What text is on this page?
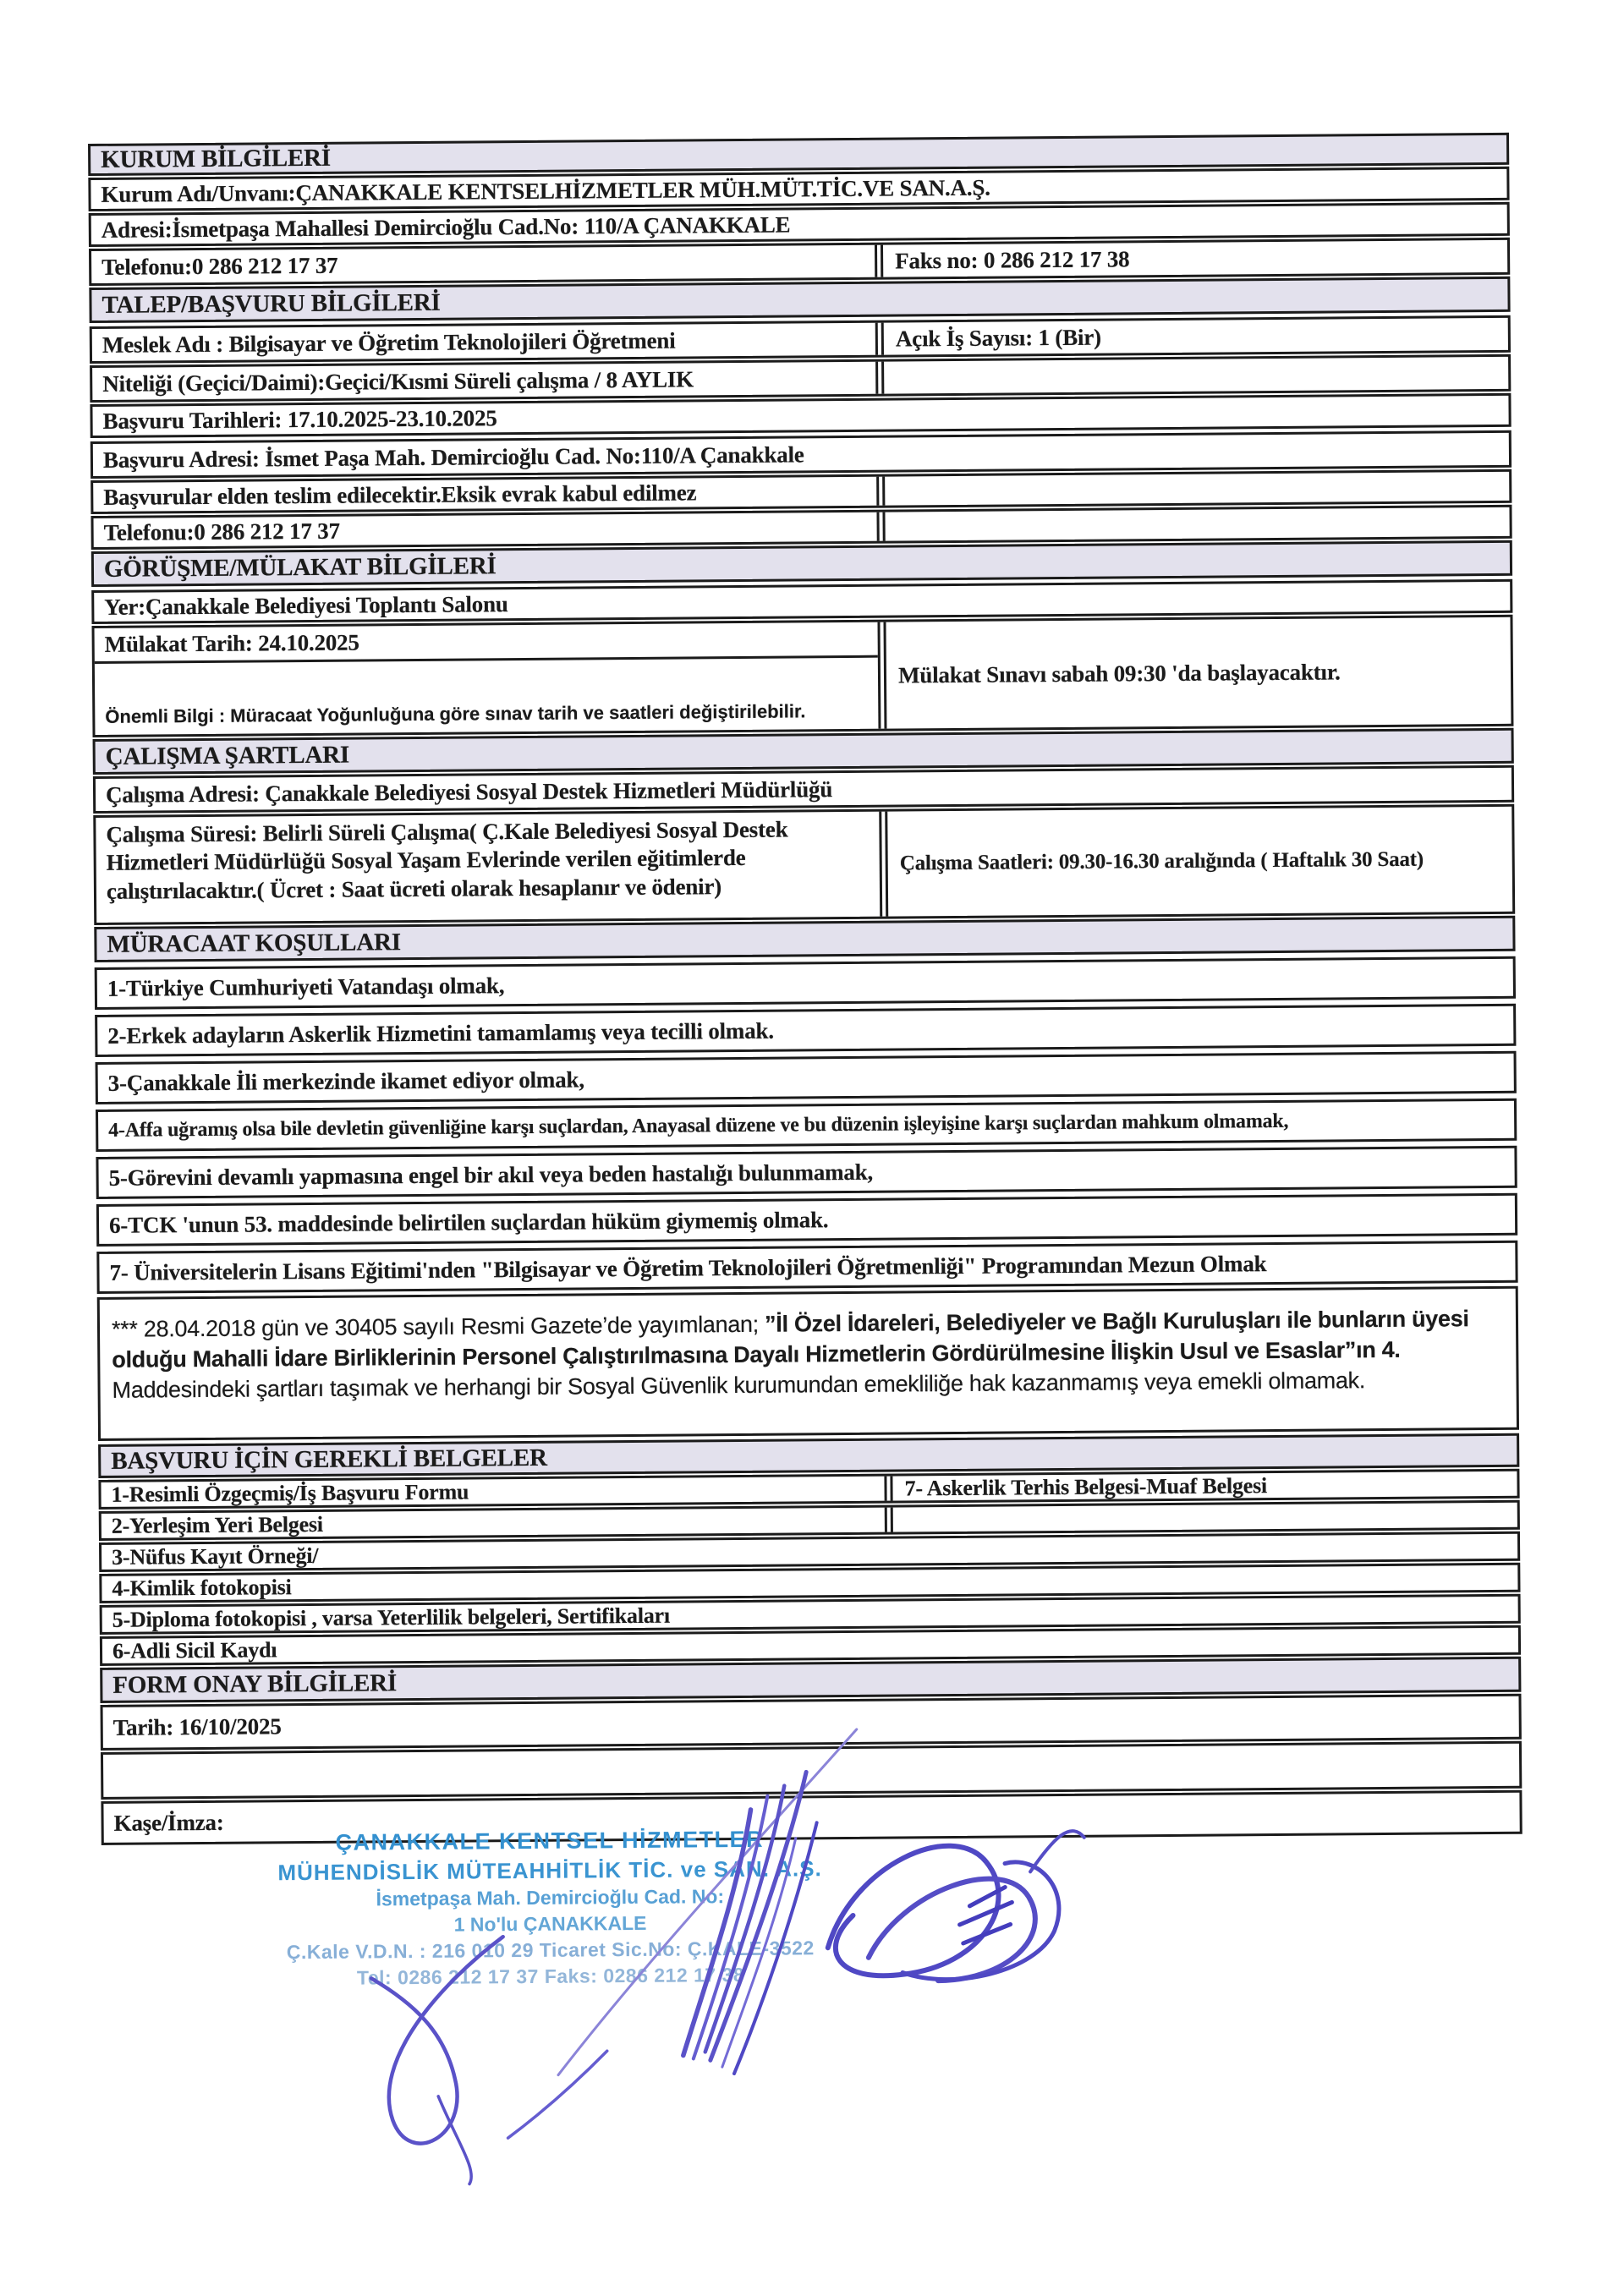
KURUM BİLGİLERİ
Kurum Adı/Unvanı:ÇANAKKALE KENTSELHİZMETLER MÜH.MÜT.TİC.VE SAN.A.Ş.
Adresi:İsmetpaşa Mahallesi Demircioğlu Cad.No: 110/A ÇANAKKALE
Telefonu:0 286 212 17 37	Faks no: 0 286 212 17 38
TALEP/BAŞVURU BİLGİLERİ
Meslek Adı : Bilgisayar ve Öğretim Teknolojileri Öğretmeni	Açık İş Sayısı: 1 (Bir)
Niteliği (Geçici/Daimi):Geçici/Kısmi Süreli çalışma / 8 AYLIK
Başvuru Tarihleri: 17.10.2025-23.10.2025
Başvuru Adresi: İsmet Paşa Mah. Demircioğlu Cad. No:110/A Çanakkale
Başvurular elden teslim edilecektir.Eksik evrak kabul edilmez
Telefonu:0 286 212 17 37
GÖRÜŞME/MÜLAKAT BİLGİLERİ
Yer:Çanakkale Belediyesi Toplantı Salonu
Mülakat Tarih: 24.10.2025
Önemli Bilgi : Müracaat Yoğunluğuna göre sınav tarih ve saatleri değiştirilebilir.
Mülakat Sınavı sabah 09:30 'da başlayacaktır.
ÇALIŞMA ŞARTLARI
Çalışma Adresi: Çanakkale Belediyesi Sosyal Destek Hizmetleri Müdürlüğü
Çalışma Süresi: Belirli Süreli Çalışma( Ç.Kale Belediyesi Sosyal Destek Hizmetleri Müdürlüğü Sosyal Yaşam Evlerinde verilen eğitimlerde çalıştırılacaktır.( Ücret : Saat ücreti olarak hesaplanır ve ödenir)
Çalışma Saatleri: 09.30-16.30 aralığında ( Haftalık 30 Saat)
MÜRACAAT KOŞULLARI
1-Türkiye Cumhuriyeti Vatandaşı olmak,
2-Erkek adayların Askerlik Hizmetini tamamlamış veya tecilli olmak.
3-Çanakkale İli merkezinde ikamet ediyor olmak,
4-Affa uğramış olsa bile devletin güvenliğine karşı suçlardan, Anayasal düzene ve bu düzenin işleyişine karşı suçlardan mahkum olmamak,
5-Görevini devamlı yapmasına engel bir akıl veya beden hastalığı bulunmamak,
6-TCK 'unun 53. maddesinde belirtilen suçlardan hüküm giymemiş olmak.
7- Üniversitelerin Lisans Eğitimi'nden "Bilgisayar ve Öğretim Teknolojileri Öğretmenliği" Programından Mezun Olmak
*** 28.04.2018 gün ve 30405 sayılı Resmi Gazete’de yayımlanan; ”İl Özel İdareleri, Belediyeler ve Bağlı Kuruluşları ile bunların üyesi olduğu Mahalli İdare Birliklerinin Personel Çalıştırılmasına Dayalı Hizmetlerin Gördürülmesine İlişkin Usul ve Esaslar”ın 4. Maddesindeki şartları taşımak ve herhangi bir Sosyal Güvenlik kurumundan emekliliğe hak kazanmamış veya emekli olmamak.
BAŞVURU İÇİN GEREKLİ BELGELER
1-Resimli Özgeçmiş/İş Başvuru Formu	7- Askerlik Terhis Belgesi-Muaf Belgesi
2-Yerleşim Yeri Belgesi
3-Nüfus Kayıt Örneği/
4-Kimlik fotokopisi
5-Diploma fotokopisi , varsa Yeterlilik belgeleri, Sertifikaları
6-Adli Sicil Kaydı
FORM ONAY BİLGİLERİ
Tarih: 16/10/2025
Kaşe/İmza:
ÇANAKKALE KENTSEL HİZMETLER
MÜHENDİSLİK MÜTEAHHİTLİK TİC. ve SAN. A.Ş.
İsmetpaşa Mah. Demircioğlu Cad. No:
1 No'lu ÇANAKKALE
Ç.Kale V.D.N. : 216 010 29 Ticaret Sic.No: Ç.KALE-3522
Tel: 0286 212 17 37 Faks: 0286 212 17 38
